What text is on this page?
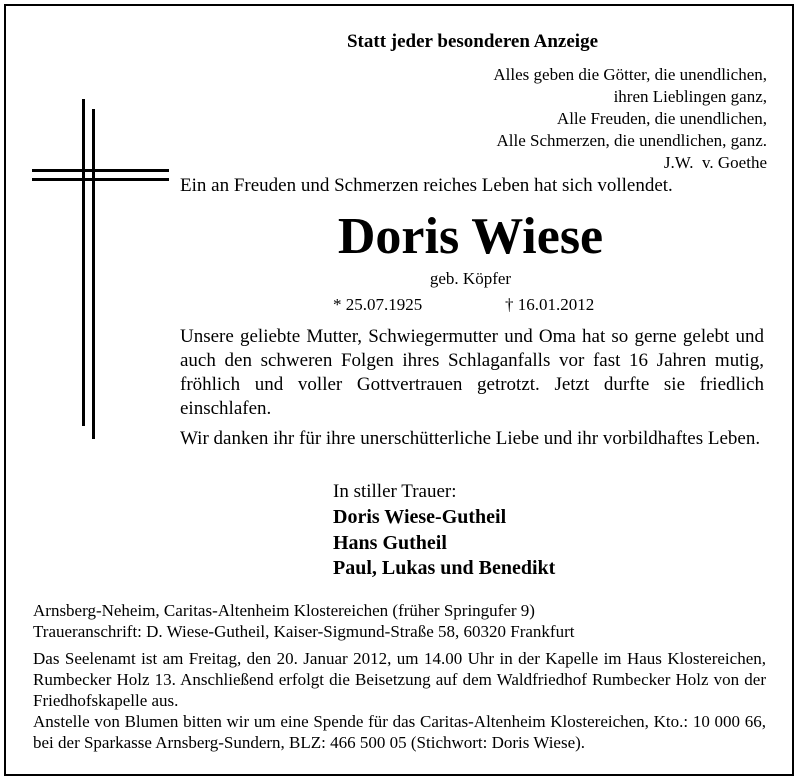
Statt jeder besonderen Anzeige
Alles geben die Götter, die unendlichen,
ihren Lieblingen ganz,
Alle Freuden, die unendlichen,
Alle Schmerzen, die unendlichen, ganz.
J.W.  v. Goethe
Ein an Freuden und Schmerzen reiches Leben hat sich vollendet.
Doris Wiese
geb. Köpfer
* 25.07.1925	† 16.01.2012
Unsere geliebte Mutter, Schwiegermutter und Oma hat so gerne gelebt und auch den schweren Folgen ihres Schlaganfalls vor fast 16 Jahren mutig, fröhlich und voller Gottvertrauen getrotzt. Jetzt durfte sie friedlich einschlafen.
Wir danken ihr für ihre unerschütterliche Liebe und ihr vorbildhaftes Leben.
In stiller Trauer:
Doris Wiese-Gutheil
Hans Gutheil
Paul, Lukas und Benedikt
Arnsberg-Neheim, Caritas-Altenheim Klostereichen (früher Springufer 9)
Traueranschrift: D. Wiese-Gutheil, Kaiser-Sigmund-Straße 58, 60320 Frankfurt
Das Seelenamt ist am Freitag, den 20. Januar 2012, um 14.00 Uhr in der Kapelle im Haus Klostereichen, Rumbecker Holz 13. Anschließend erfolgt die Beisetzung auf dem Waldfriedhof Rumbecker Holz von der Friedhofskapelle aus.
Anstelle von Blumen bitten wir um eine Spende für das Caritas-Altenheim Klostereichen, Kto.: 10 000 66, bei der Sparkasse Arnsberg-Sundern, BLZ: 466 500 05 (Stichwort: Doris Wiese).
